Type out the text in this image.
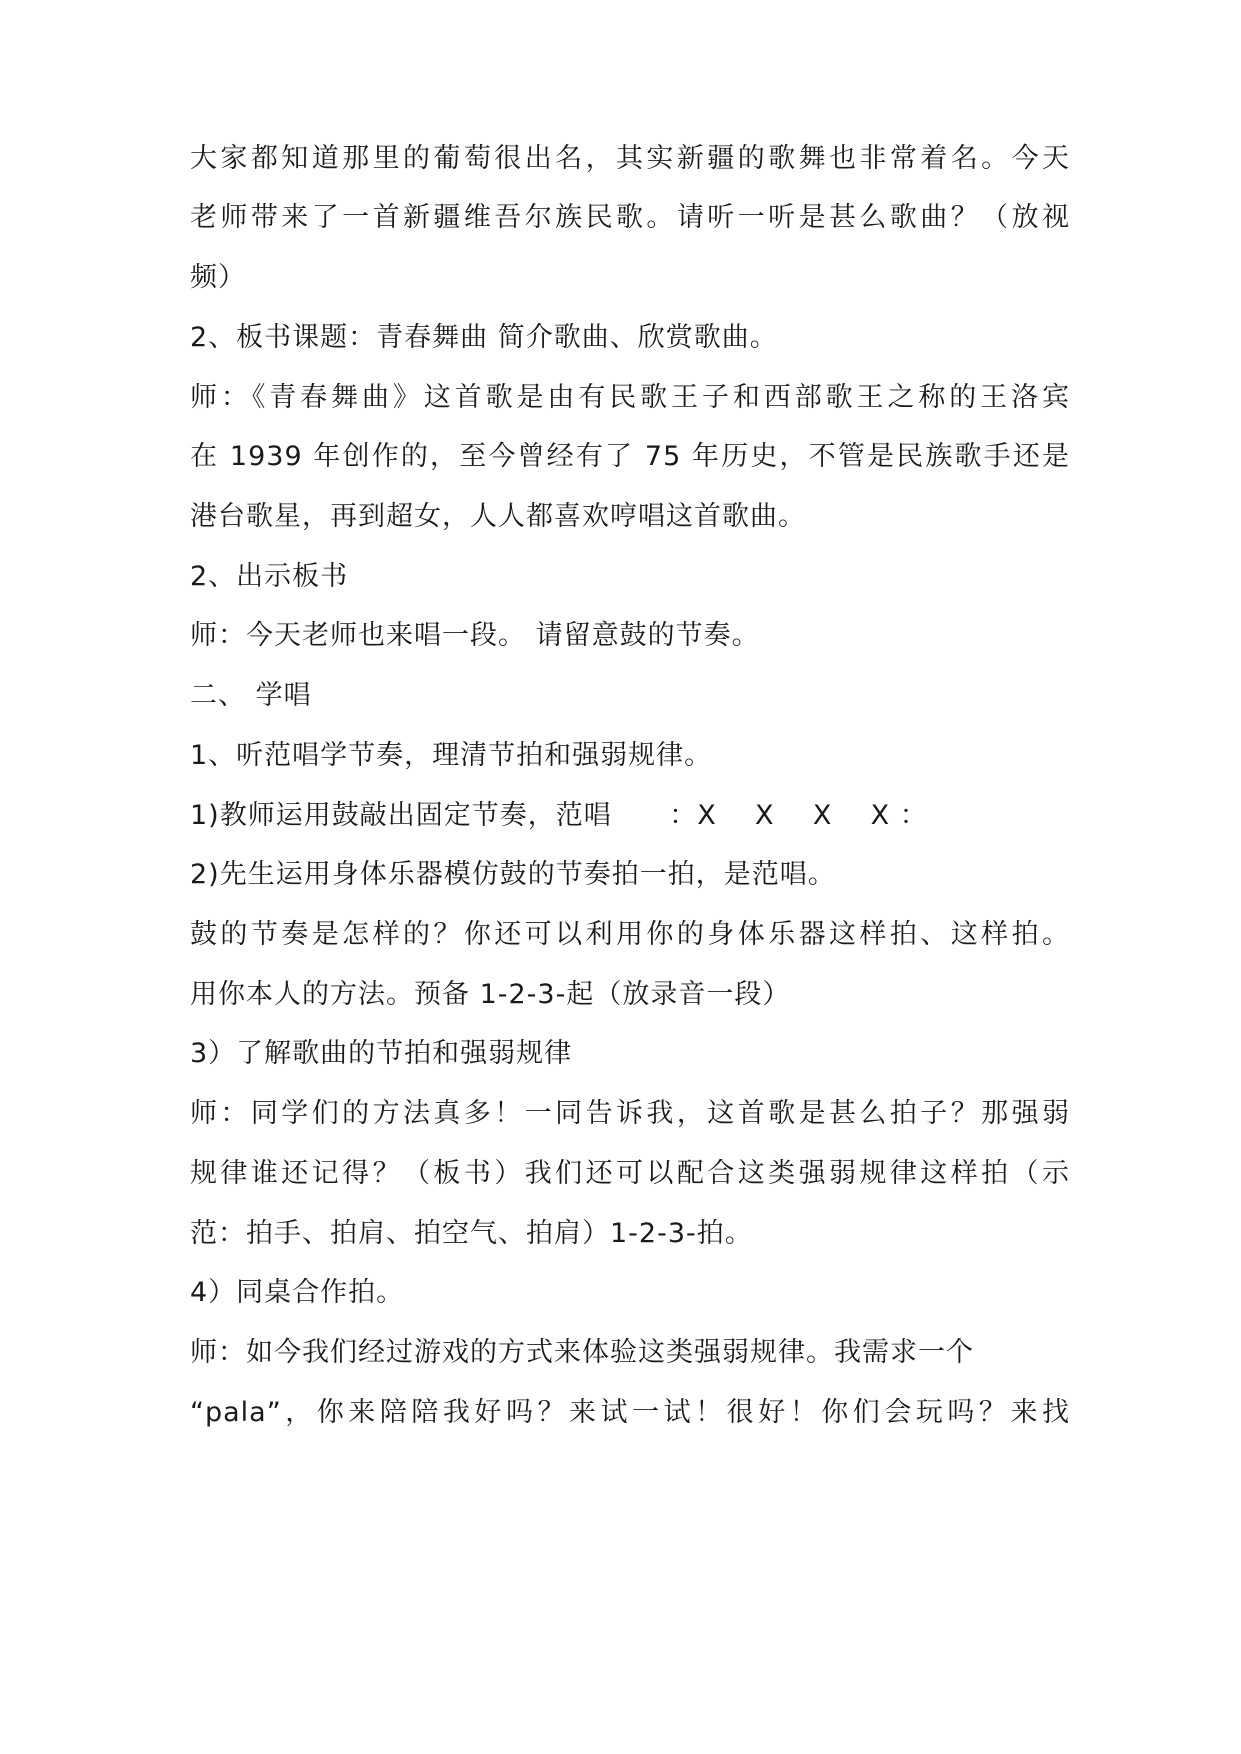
大家都知道那里的葡萄很出名，其实新疆的歌舞也非常着名。今天
老师带来了一首新疆维吾尔族民歌。请听一听是甚么歌曲？（放视
频）
2、板书课题：青春舞曲 简介歌曲、欣赏歌曲。
师：《青春舞曲》这首歌是由有民歌王子和西部歌王之称的王洛宾
在 1939 年创作的，至今曾经有了 75 年历史，不管是民族歌手还是
港台歌星，再到超女，人人都喜欢哼唱这首歌曲。
2、出示板书
师：今天老师也来唱一段。 请留意鼓的节奏。
二、 学唱
1、听范唱学节奏，理清节拍和强弱规律。
1)教师运用鼓敲出固定节奏，范唱      ：X    X    X    X ：
2)先生运用身体乐器模仿鼓的节奏拍一拍，是范唱。
鼓的节奏是怎样的？你还可以利用你的身体乐器这样拍、这样拍。
用你本人的方法。预备 1-2-3-起（放录音一段）
3）了解歌曲的节拍和强弱规律
师：同学们的方法真多！一同告诉我，这首歌是甚么拍子？那强弱
规律谁还记得？（板书）我们还可以配合这类强弱规律这样拍（示
范：拍手、拍肩、拍空气、拍肩）1-2-3-拍。
4）同桌合作拍。
师：如今我们经过游戏的方式来体验这类强弱规律。我需求一个
“pala”，你来陪陪我好吗？来试一试！很好！你们会玩吗？来找
